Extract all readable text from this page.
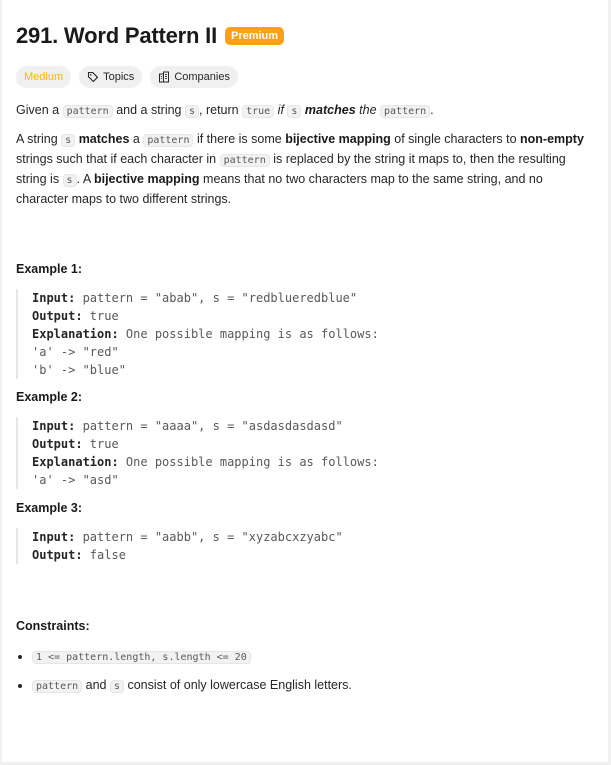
291. Word Pattern II	Premium
Medium	Topics	Companies

Given a pattern and a string s , return true if s matches the pattern .

A string s matches a pattern if there is some bijective mapping of single characters to non-empty strings such that if each character in pattern is replaced by the string it maps to, then the resulting string is s . A bijective mapping means that no two characters map to the same string, and no character maps to two different strings.

Example 1:
Input: pattern = "abab", s = "redblueredblue"
Output: true
Explanation: One possible mapping is as follows:
'a' -> "red"
'b' -> "blue"
Example 2:
Input: pattern = "aaaa", s = "asdasdasdasd"
Output: true
Explanation: One possible mapping is as follows:
'a' -> "asd"
Example 3:
Input: pattern = "aabb", s = "xyzabcxzyabc"
Output: false
Constraints:
1 <= pattern.length, s.length <= 20
pattern and s consist of only lowercase English letters.
